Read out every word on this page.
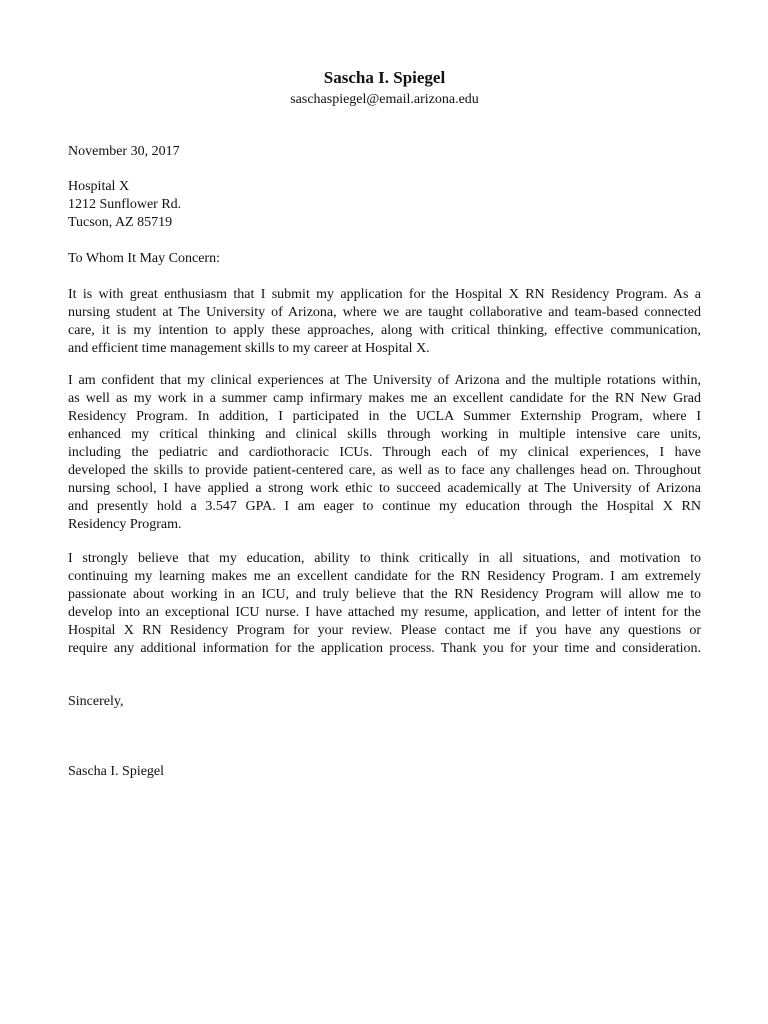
Sascha I. Spiegel
saschaspiegel@email.arizona.edu
November 30, 2017
Hospital X
1212 Sunflower Rd.
Tucson, AZ 85719
To Whom It May Concern:
It is with great enthusiasm that I submit my application for the Hospital X RN Residency Program. As a
nursing student at The University of Arizona, where we are taught collaborative and team-based connected
care, it is my intention to apply these approaches, along with critical thinking, effective communication,
and efficient time management skills to my career at Hospital X.
I am confident that my clinical experiences at The University of Arizona and the multiple rotations within,
as well as my work in a summer camp infirmary makes me an excellent candidate for the RN New Grad
Residency Program. In addition, I participated in the UCLA Summer Externship Program, where I
enhanced my critical thinking and clinical skills through working in multiple intensive care units,
including the pediatric and cardiothoracic ICUs. Through each of my clinical experiences, I have
developed the skills to provide patient-centered care, as well as to face any challenges head on. Throughout
nursing school, I have applied a strong work ethic to succeed academically at The University of Arizona
and presently hold a 3.547 GPA. I am eager to continue my education through the Hospital X RN
Residency Program.
I strongly believe that my education, ability to think critically in all situations, and motivation to
continuing my learning makes me an excellent candidate for the RN Residency Program. I am extremely
passionate about working in an ICU, and truly believe that the RN Residency Program will allow me to
develop into an exceptional ICU nurse. I have attached my resume, application, and letter of intent for the
Hospital X RN Residency Program for your review. Please contact me if you have any questions or
require any additional information for the application process. Thank you for your time and consideration.
Sincerely,
Sascha I. Spiegel
